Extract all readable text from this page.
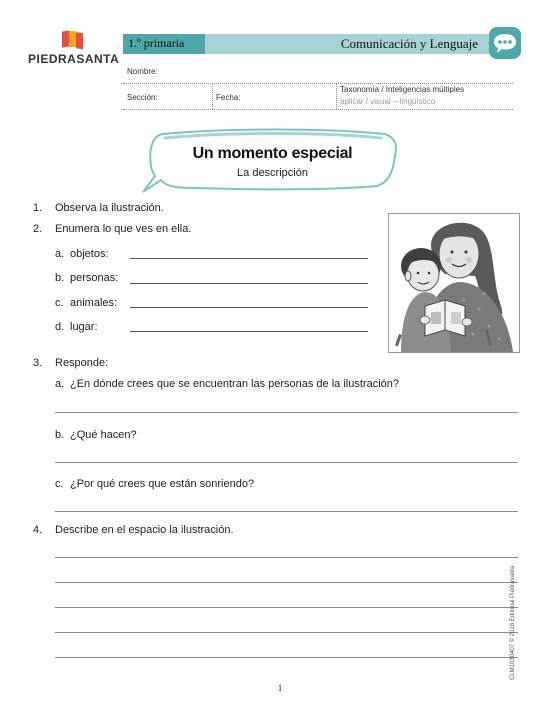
PIEDRASANTA
1.º primaria	Comunicación y Lenguaje
Nombre:
Sección:	Fecha:
Taxonomía / Inteligencias múltiples
aplicar / visual – lingüístico
Un momento especial
La descripción
1. Observa la ilustración.
2. Enumera lo que ves en ella.
a. objetos:
b. personas:
c. animales:
d. lugar:
3. Responde:
a. ¿En dónde crees que se encuentran las personas de la ilustración?
b. ¿Qué hacen?
c. ¿Por qué crees que están sonriendo?
4. Describe en el espacio la ilustración.
CLM1030407 © 2018 Editorial Piedrasanta
1
